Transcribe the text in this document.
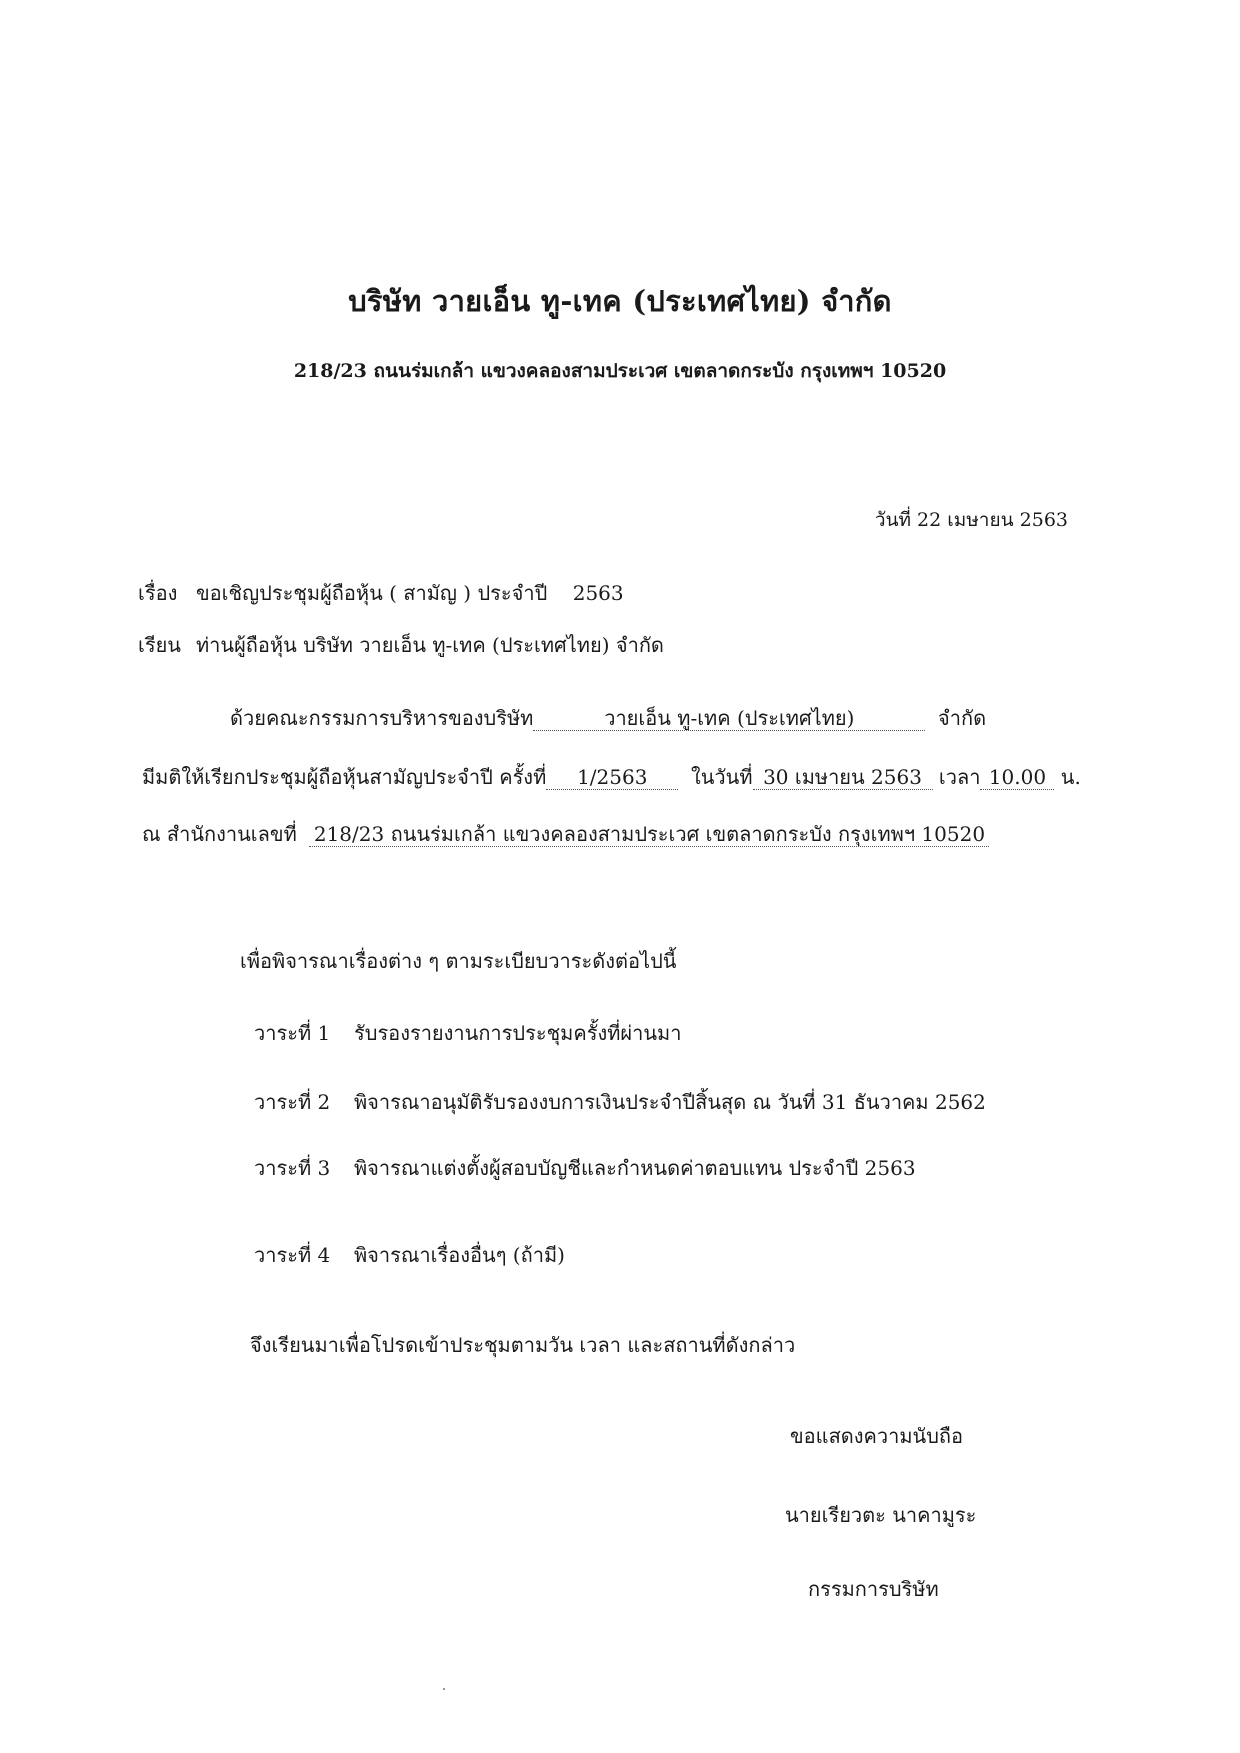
บริษัท วายเอ็น ทู-เทค (ประเทศไทย) จำกัด
218/23 ถนนร่มเกล้า แขวงคลองสามประเวศ เขตลาดกระบัง กรุงเทพฯ 10520
วันที่ 22 เมษายน 2563
เรื่อง ขอเชิญประชุมผู้ถือหุ้น ( สามัญ ) ประจำปี 2563
เรียน ท่านผู้ถือหุ้น บริษัท วายเอ็น ทู-เทค (ประเทศไทย) จำกัด
ด้วยคณะกรรมการบริหารของบริษัท	วายเอ็น ทู-เทค (ประเทศไทย)	จำกัด
มีมติให้เรียกประชุมผู้ถือหุ้นสามัญประจำปี ครั้งที่ 1/2563 ในวันที่ 30 เมษายน 2563 เวลา 10.00 น.
ณ สำนักงานเลขที่ 218/23 ถนนร่มเกล้า แขวงคลองสามประเวศ เขตลาดกระบัง กรุงเทพฯ 10520
เพื่อพิจารณาเรื่องต่าง ๆ ตามระเบียบวาระดังต่อไปนี้
วาระที่ 1 รับรองรายงานการประชุมครั้งที่ผ่านมา
วาระที่ 2 พิจารณาอนุมัติรับรองงบการเงินประจำปีสิ้นสุด ณ วันที่ 31 ธันวาคม 2562
วาระที่ 3 พิจารณาแต่งตั้งผู้สอบบัญชีและกำหนดค่าตอบแทน ประจำปี 2563
วาระที่ 4 พิจารณาเรื่องอื่นๆ (ถ้ามี)
จึงเรียนมาเพื่อโปรดเข้าประชุมตามวัน เวลา และสถานที่ดังกล่าว
ขอแสดงความนับถือ
นายเรียวตะ นาคามูระ
กรรมการบริษัท
